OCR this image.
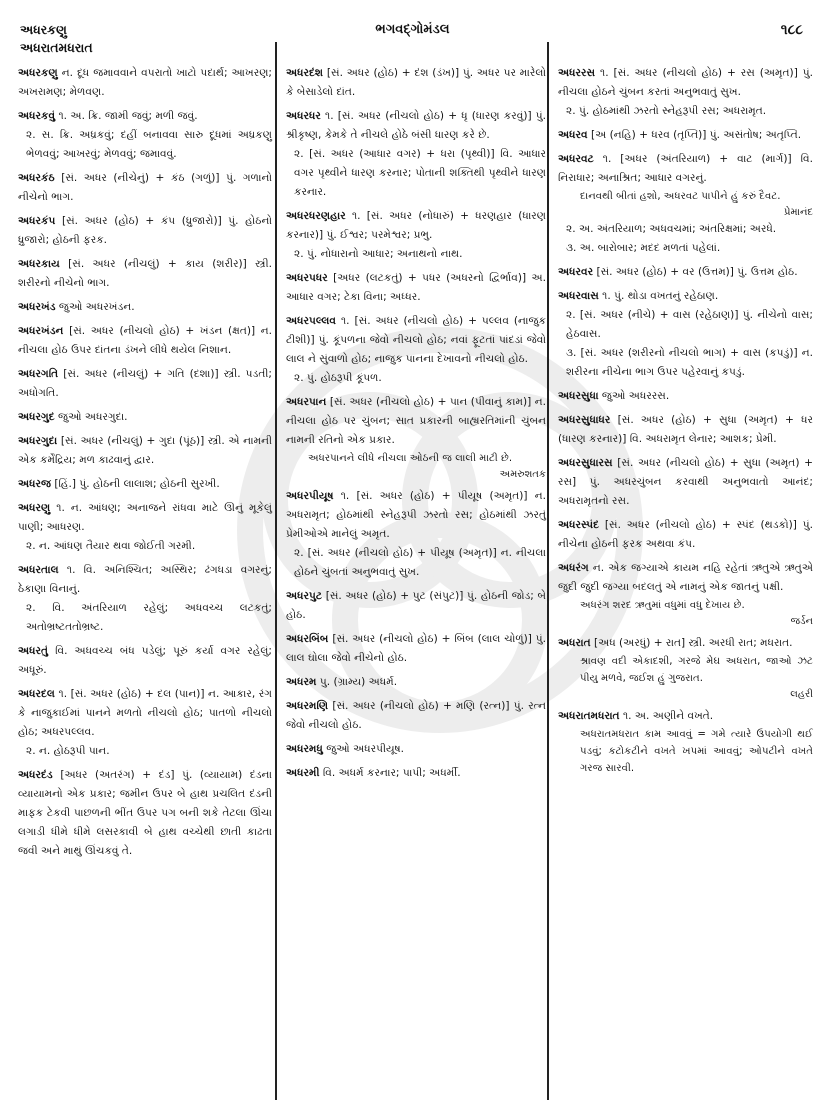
અધરકણુ
અધરાતમધરાત
ભગવદ્ગોમંડલ	૧૮૮
અધરકણુ ન. દૂધ જમાવવાને વપરાતો ખાટો પદાર્થ; આખરણ; અખરામણ; મેળવણ.
અધરકવું ૧. અ. ક્રિ. જામી જવું; મળી જવું.
૨. સ. ક્રિ. અધ્રકવું; દહીં બનાવવા સારુ દૂધમાં અધ્રકણુ ભેળવવું; આખરવું; મેળવવું; જમાવવું.
અધરકંઠ [સં. અધર (નીચેનું) + કંઠ (ગળું)] પું. ગળાનો નીચેનો ભાગ.
અધરકંપ [સં. અધર (હોઠ) + કંપ (ધ્રુજારો)] પું. હોઠનો ધ્રુજારો; હોઠની ફરક.
અધરકાય [સં. અધર (નીચલું) + કાય (શરીર)] સ્ત્રી. શરીરનો નીચેનો ભાગ.
અધરખંડ જુઓ અધરખંડન.
અધરખંડન [સં. અધર (નીચલો હોઠ) + ખંડન (ક્ષત)] ન. નીચલા હોઠ ઉપર દાંતના ડંખને લીધે થયેલ નિશાન.
અધરગતિ [સં. અધર (નીચલું) + ગતિ (દશા)] સ્ત્રી. પડતી; અધોગતિ.
અધરગુદ જુઓ અધરગુદા.
અધરગુદા [સં. અધર (નીચલું) + ગુદા (પૂંઠ)] સ્ત્રી. એ નામની એક કર્મેંદ્રિય; મળ કાઢવાનું દ્વાર.
અધરજ [હિં.] પું. હોઠની લાલાશ; હોઠની સુરખી.
અધરણુ ૧. ન. આંધણ; અનાજને રાંધવા માટે ઊનું મૂકેલું પાણી; આધરણ.
૨. ન. આંધણ તૈયાર થવા જોઈતી ગરમી.
અધરતાલ ૧. વિ. અનિશ્ચિત; અસ્થિર; ઢંગધડા વગરનું; ઠેકાણા વિનાનું.
૨. વિ. અંતરિયાળ રહેલું; અધવચ્ચ લટકતું; અતોભ્રષ્ટતતોભ્રષ્ટ.
અધરતું વિ. અધવચ્ચ બંધ પડેલું; પૂરું કર્યા વગર રહેલું; અધૂરું.
અધરદલ ૧. [સં. અધર (હોઠ) + દલ (પાન)] ન. આકાર, રંગ કે નાજુકાઈમાં પાનને મળતો નીચલો હોઠ; પાતળો નીચલો હોઠ; અધરપલ્લવ.
૨. ન. હોઠરૂપી પાન.
અધરદંડ [અધર (અતરંગ) + દંડ] પું. (વ્યાયામ) દંડના વ્યાયામનો એક પ્રકાર; જમીન ઉપર બે હાથ પ્રચલિત દંડની માફક ટેકવી પાછળની ભીંત ઉપર પગ બની શકે તેટલા ઊંચા લગાડી ધીમે ધીમે લસરકાવી બે હાથ વચ્ચેથી છાતી કાઢતા જવી અને માથું ઊંચકવું તે.
અધરદંશ [સં. અધર (હોઠ) + દંશ (ડંખ)] પું. અધર પર મારેલો કે બેસાડેલો દાંત.
અધરધર ૧. [સં. અધર (નીચલો હોઠ) + ધૃ (ધારણ કરવું)] પું. શ્રીકૃષ્ણ, કેમકે તે નીચલે હોઠે બંસી ધારણ કરે છે.
૨. [સં. અધર (આધાર વગર) + ધરા (પૃથ્વી)] વિ. આધાર વગર પૃથ્વીને ધારણ કરનાર; પોતાની શક્તિથી પૃથ્વીને ધારણ કરનાર.
અધરધરણહાર ૧. [સં. અધર (નોધારું) + ધરણહાર (ધારણ કરનાર)] પું. ઈશ્વર; પરમેશ્વર; પ્રભુ.
૨. પું. નોધારાનો આધાર; અનાથનો નાથ.
અધરપધર [અધર (લટકતું) + પધર (અધરનો દ્વિર્ભાવ)] અ. આધાર વગર; ટેકા વિના; અધ્ધર.
અધરપલ્લવ ૧. [સં. અધર (નીચલો હોઠ) + પલ્લવ (નાજુક ટીશી)] પું. કૂંપળના જેવો નીચલો હોઠ; નવાં ફૂટતાં પાંદડાં જેવો લાલ ને સુંવાળો હોઠ; નાજુક પાનના દેખાવનો નીચલો હોઠ.
૨. પું. હોઠરૂપી કૂંપળ.
અધરપાન [સં. અધર (નીચલો હોઠ) + પાન (પીવાનું કામ)] ન. નીચલા હોઠ પર ચુંબન; સાત પ્રકારની બાહ્યરતિમાંની ચુંબન નામની રતિનો એક પ્રકાર.
અધરપાનને લીધે નીચલા ઓઠની જ લાલી માટી છે.
અમરુશતક
અધરપીયૂષ ૧. [સં. અધર (હોઠ) + પીયૂષ (અમૃત)] ન. અધરામૃત; હોઠમાંથી સ્નેહરૂપી ઝરતો રસ; હોઠમાંથી ઝરતું પ્રેમીઓએ માનેલું અમૃત.
૨. [સં. અધર (નીચલો હોઠ) + પીયૂષ (અમૃત)] ન. નીચલા હોઠને ચુંબતાં અનુભવાતું સુખ.
અધરપુટ [સં. અધર (હોઠ) + પુટ (સંપુટ)] પું. હોઠની જોડ; બે હોઠ.
અધરબિંબ [સં. અધર (નીચલો હોઠ) + બિંબ (લાલ ચોળું)] પું. લાલ ઘોલા જેવો નીચેનો હોઠ.
અધરમ પુ. (ગ્રામ્ય) અધર્મ.
અધરમણિ [સં. અધર (નીચલો હોઠ) + મણિ (રત્ન)] પું. રત્ન જેવો નીચલો હોઠ.
અધરમધુ જુઓ અધરપીયૂષ.
અધરમી વિ. અધર્મ કરનાર; પાપી; અધર્મી.
અધરરસ ૧. [સં. અધર (નીચલો હોઠ) + રસ (અમૃત)] પું. નીચલા હોઠને ચુંબન કરતાં અનુભવાતું સુખ.
૨. પું. હોઠમાંથી ઝરતો સ્નેહરૂપી રસ; અધરામૃત.
અધરવ [અ (નહિ) + ધરવ (તૃપ્તિ)] પું. અસંતોષ; અતૃપ્તિ.
અધરવટ ૧. [અધર (અંતરિયાળ) + વાટ (માર્ગ)] વિ. નિરાધાર; અનાશ્રિત; આધાર વગરનું.
દાનવથી બીતાં હશો, અધરવટ પાપીને હું કરું દૈવટ.
પ્રેમાનંદ
૨. અ. અંતરિયાળ; અધવચમાં; અંતરિક્ષમાં; અરધે.
૩. અ. બારોબાર; મદદ મળતાં પહેલાં.
અધરવર [સં. અધર (હોઠ) + વર (ઉત્તમ)] પું. ઉત્તમ હોઠ.
અધરવાસ ૧. પું. થોડા વખતનું રહેઠાણ.
૨. [સં. અધર (નીચે) + વાસ (રહેઠાણ)] પું. નીચેનો વાસ; હેઠવાસ.
૩. [સં. અધર (શરીરનો નીચલો ભાગ) + વાસ (કપડું)] ન. શરીરના નીચેના ભાગ ઉપર પહેરવાનું કપડું.
અધરસુધા જુઓ અધરરસ.
અધરસુધાધર [સં. અધર (હોઠ) + સુધા (અમૃત) + ધર (ધારણ કરનાર)] વિ. અધરામૃત લેનાર; આશક; પ્રેમી.
અધરસુધારસ [સં. અધર (નીચલો હોઠ) + સુધા (અમૃત) + રસ] પું. અધરચુંબન કરવાથી અનુભવાતો આનંદ; અધરામૃતનો રસ.
અધરસ્પંદ [સં. અધર (નીચલો હોઠ) + સ્પંદ (થડકો)] પું. નીચેના હોઠની ફરક અથવા કંપ.
અધરંગ ન. એક જગ્યાએ કાયમ નહિ રહેતાં ઋતુએ ઋતુએ જુદી જુદી જગ્યા બદલતું એ નામનું એક જાતનું પક્ષી.
અધરંગ શરદ ઋતુમાં વધુમાં વધુ દેખાય છે.
જર્ડન
અધરાત [અધ (અરધું) + રાત] સ્ત્રી. અરધી રાત; મધરાત.
શ્રાવણ વદી એકાદશી, ગરજે મેઘ અધરાત, જાઓ ઝટ પીયુ મળવે, જઈશ હું ગુજરાત.
લહરી
અધરાતમધરાત ૧. અ. અણીને વખતે.
અધરાતમધરાત કામ આવવું = ગમે ત્યારે ઉપયોગી થઈ પડવું; કટોકટીને વખતે ખપમાં આવવું; ઓપટીને વખતે ગરજ સારવી.
